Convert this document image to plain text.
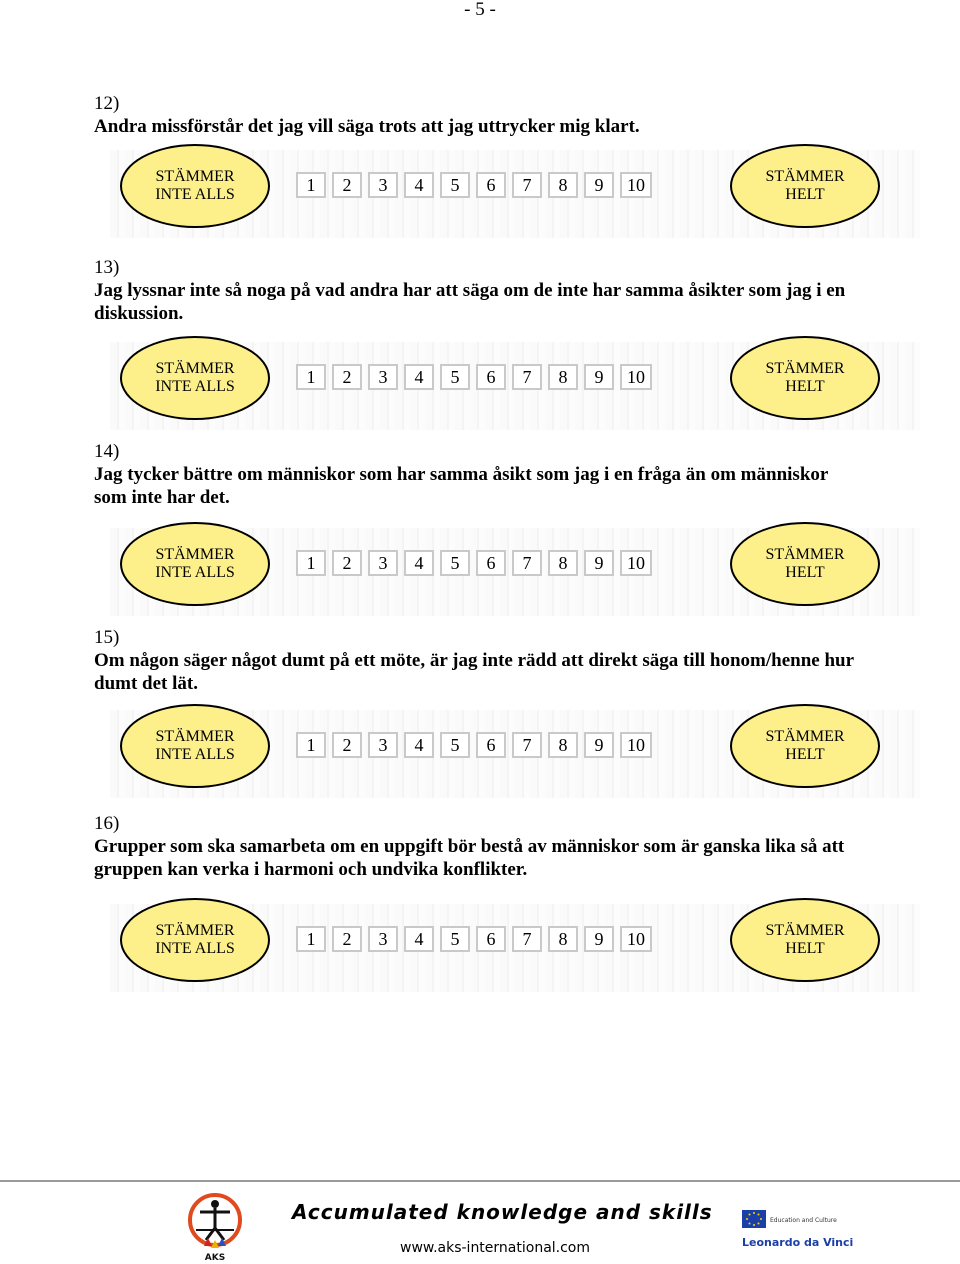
- 5 -
12)
Andra missförstår det jag vill säga trots att jag uttrycker mig klart.
STÄMMER
INTE ALLS	1	2	3	4	5	6	7	8	9	10	STÄMMER
HELT
13)
Jag lyssnar inte så noga på vad andra har att säga om de inte har samma åsikter som jag i en diskussion.
STÄMMER
INTE ALLS	1	2	3	4	5	6	7	8	9	10	STÄMMER
HELT
14)
Jag tycker bättre om människor som har samma åsikt som jag i en fråga än om människor som inte har det.
STÄMMER
INTE ALLS	1	2	3	4	5	6	7	8	9	10	STÄMMER
HELT
15)
Om någon säger något dumt på ett möte, är jag inte rädd att direkt säga till honom/henne hur dumt det lät.
STÄMMER
INTE ALLS	1	2	3	4	5	6	7	8	9	10	STÄMMER
HELT
16)
Grupper som ska samarbeta om en uppgift bör bestå av människor som är ganska lika så att gruppen kan verka i harmoni och undvika konflikter.
STÄMMER
INTE ALLS	1	2	3	4	5	6	7	8	9	10	STÄMMER
HELT
AKS
Accumulated knowledge and skills
www.aks-international.com
Education and Culture
Leonardo da Vinci
